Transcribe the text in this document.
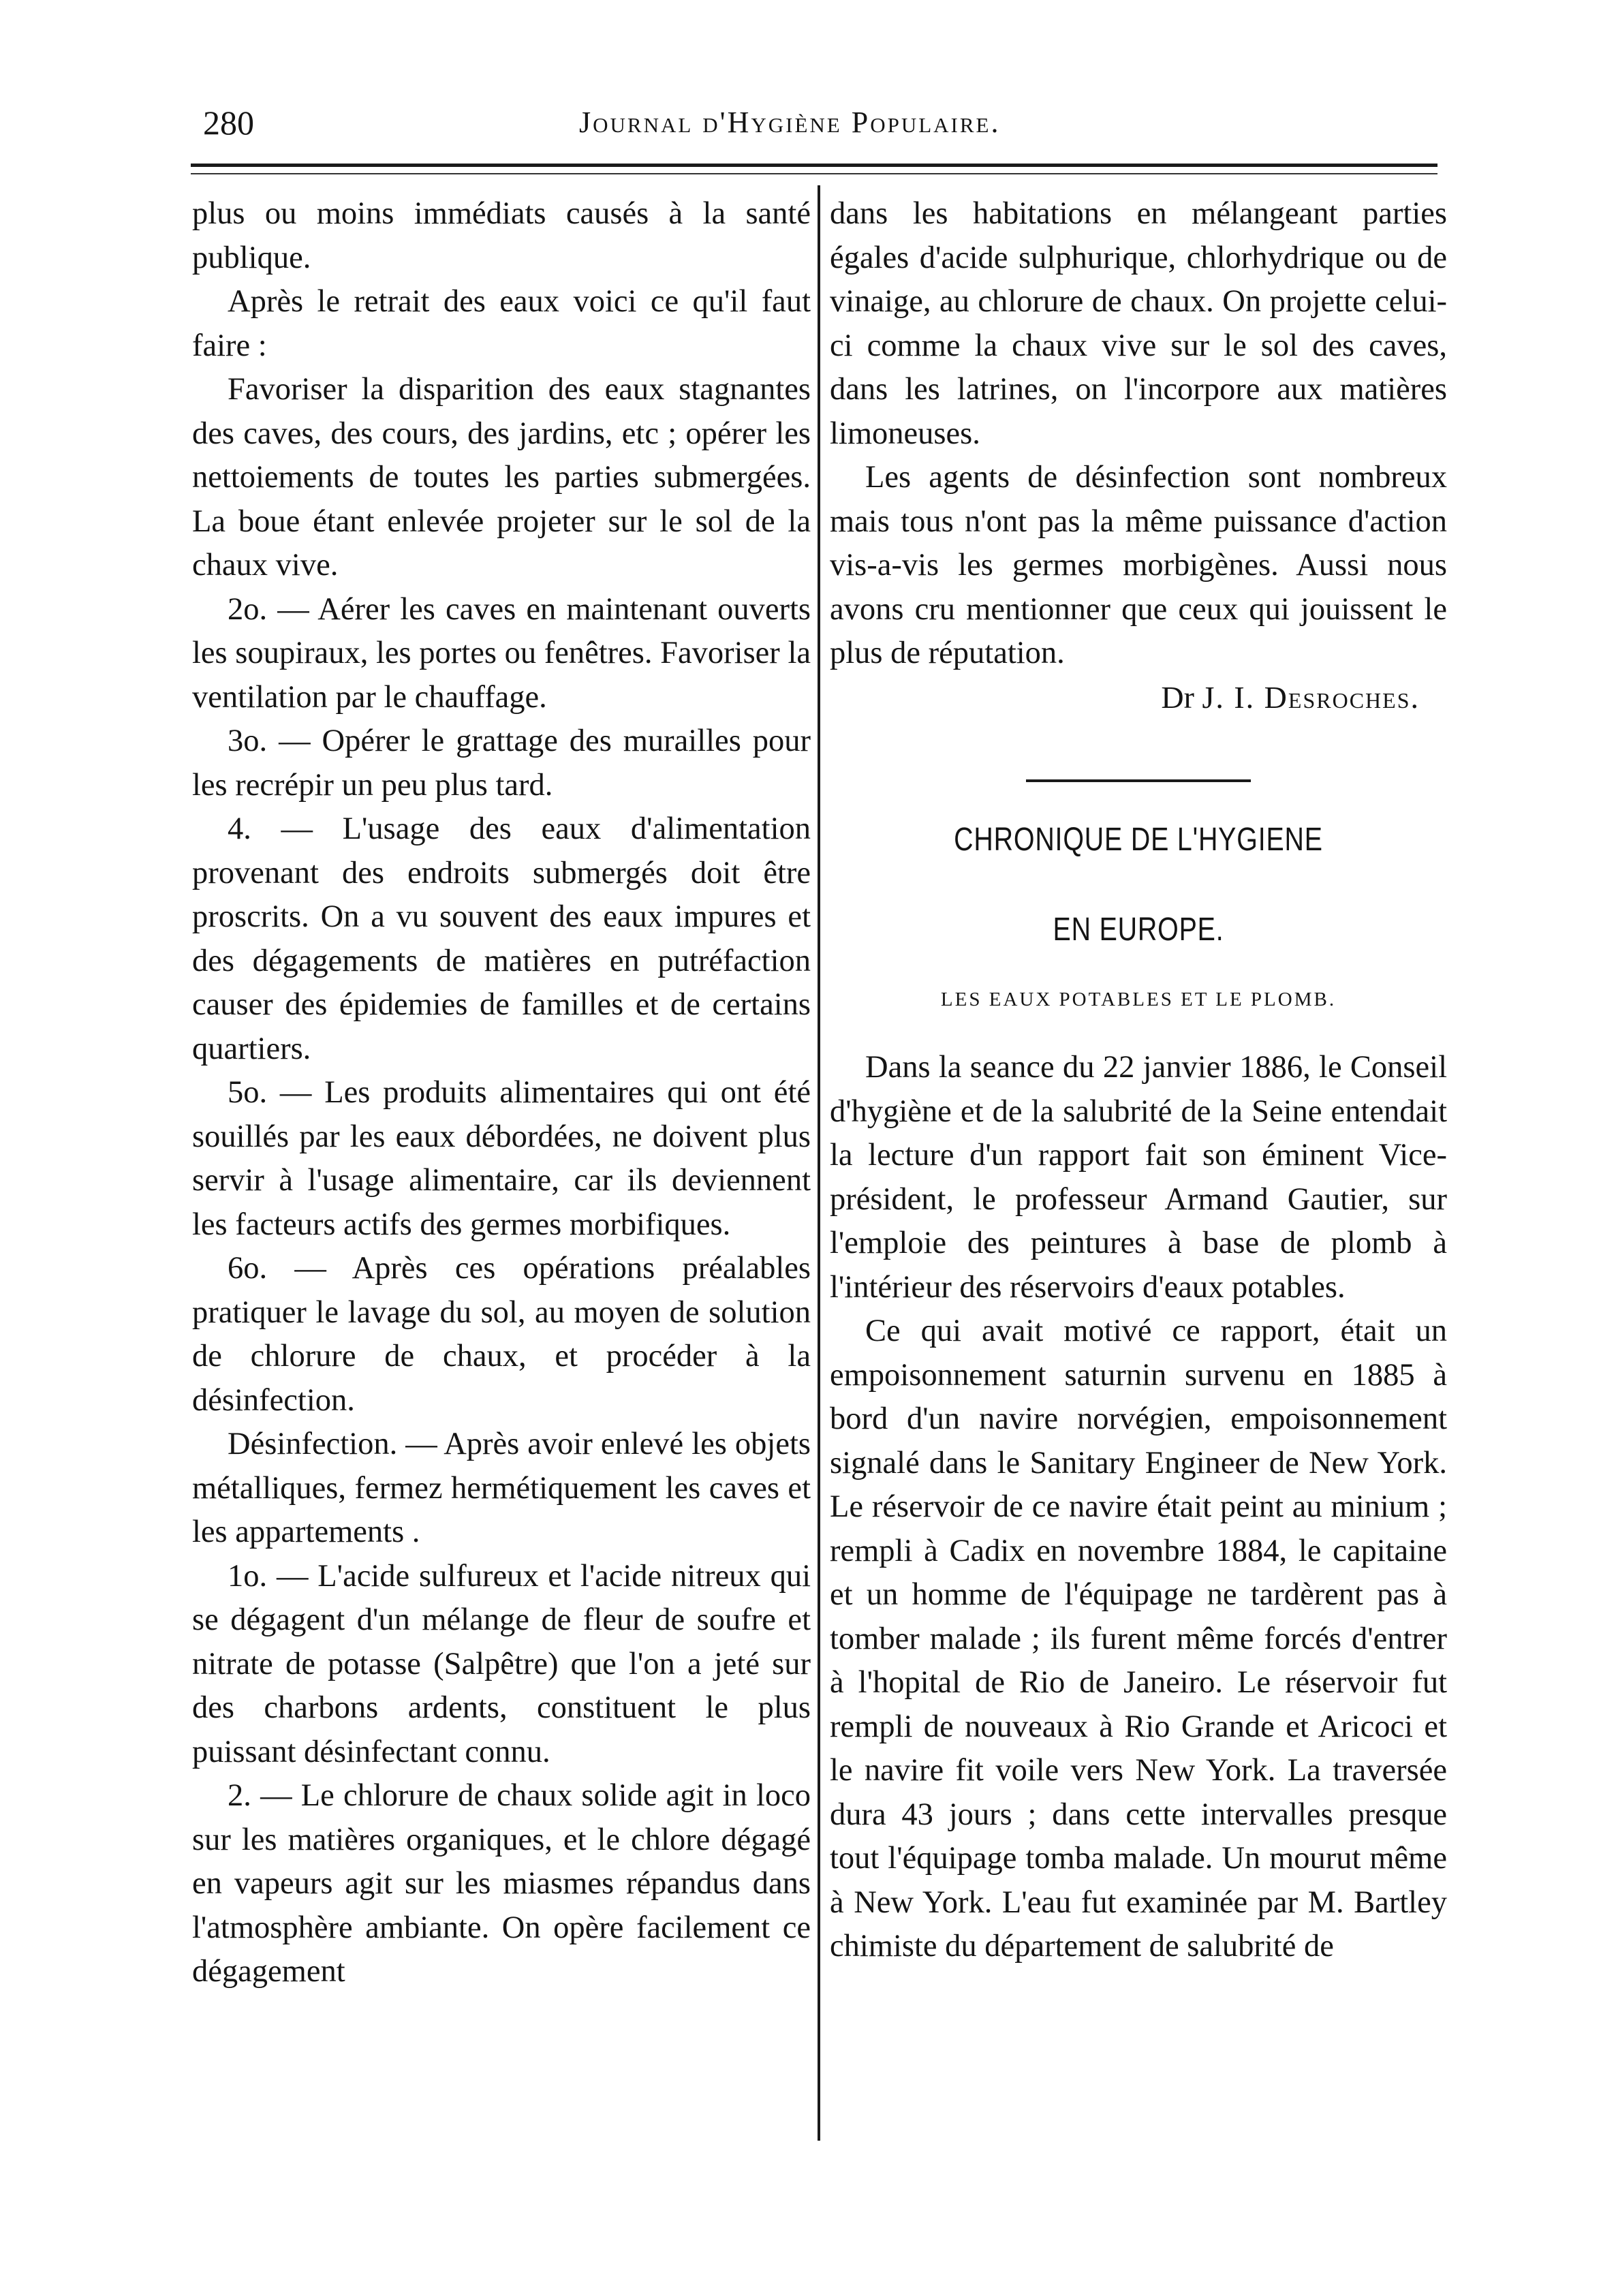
280	Journal d'Hygiène Populaire.

plus ou moins immédiats causés à la santé publique.

Après le retrait des eaux voici ce qu'il faut faire :

Favoriser la disparition des eaux stagnantes des caves, des cours, des jardins, etc ; opérer les nettoiements de toutes les parties submergées. La boue étant enlevée projeter sur le sol de la chaux vive.

2o. — Aérer les caves en maintenant ouverts les soupiraux, les portes ou fenêtres. Favoriser la ventilation par le chauffage.

3o. — Opérer le grattage des murailles pour les recrépir un peu plus tard.

4. — L'usage des eaux d'alimentation provenant des endroits submergés doit être proscrits. On a vu souvent des eaux impures et des dégagements de matières en putréfaction causer des épidemies de familles et de certains quartiers.

5o. — Les produits alimentaires qui ont été souillés par les eaux débordées, ne doivent plus servir à l'usage alimentaire, car ils deviennent les facteurs actifs des germes morbifiques.

6o. — Après ces opérations préalables pratiquer le lavage du sol, au moyen de solution de chlorure de chaux, et procéder à la désinfection.

Désinfection. — Après avoir enlevé les objets métalliques, fermez hermétiquement les caves et les appartements .

1o. — L'acide sulfureux et l'acide nitreux qui se dégagent d'un mélange de fleur de soufre et nitrate de potasse (Salpêtre) que l'on a jeté sur des charbons ardents, constituent le plus puissant désinfectant connu.

2. — Le chlorure de chaux solide agit in loco sur les matières organiques, et le chlore dégagé en vapeurs agit sur les miasmes répandus dans l'atmosphère ambiante. On opère facilement ce dégagement

dans les habitations en mélangeant parties égales d'acide sulphurique, chlorhydrique ou de vinaige, au chlorure de chaux. On projette celui-ci comme la chaux vive sur le sol des caves, dans les latrines, on l'incorpore aux matières limoneuses.

Les agents de désinfection sont nombreux mais tous n'ont pas la même puissance d'action vis-a-vis les germes morbigènes. Aussi nous avons cru mentionner que ceux qui jouissent le plus de réputation.

Dr J. I. Desroches.

CHRONIQUE DE L'HYGIENE
EN EUROPE.
LES EAUX POTABLES ET LE PLOMB.

Dans la seance du 22 janvier 1886, le Conseil d'hygiène et de la salubrité de la Seine entendait la lecture d'un rapport fait son éminent Vice-président, le professeur Armand Gautier, sur l'emploie des peintures à base de plomb à l'intérieur des réservoirs d'eaux potables.

Ce qui avait motivé ce rapport, était un empoisonnement saturnin survenu en 1885 à bord d'un navire norvégien, empoisonnement signalé dans le Sanitary Engineer de New York. Le réservoir de ce navire était peint au minium ; rempli à Cadix en novembre 1884, le capitaine et un homme de l'équipage ne tardèrent pas à tomber malade ; ils furent même forcés d'entrer à l'hopital de Rio de Janeiro. Le réservoir fut rempli de nouveaux à Rio Grande et Aricoci et le navire fit voile vers New York. La traversée dura 43 jours ; dans cette intervalles presque tout l'équipage tomba malade. Un mourut même à New York. L'eau fut examinée par M. Bartley chimiste du département de salubrité de
